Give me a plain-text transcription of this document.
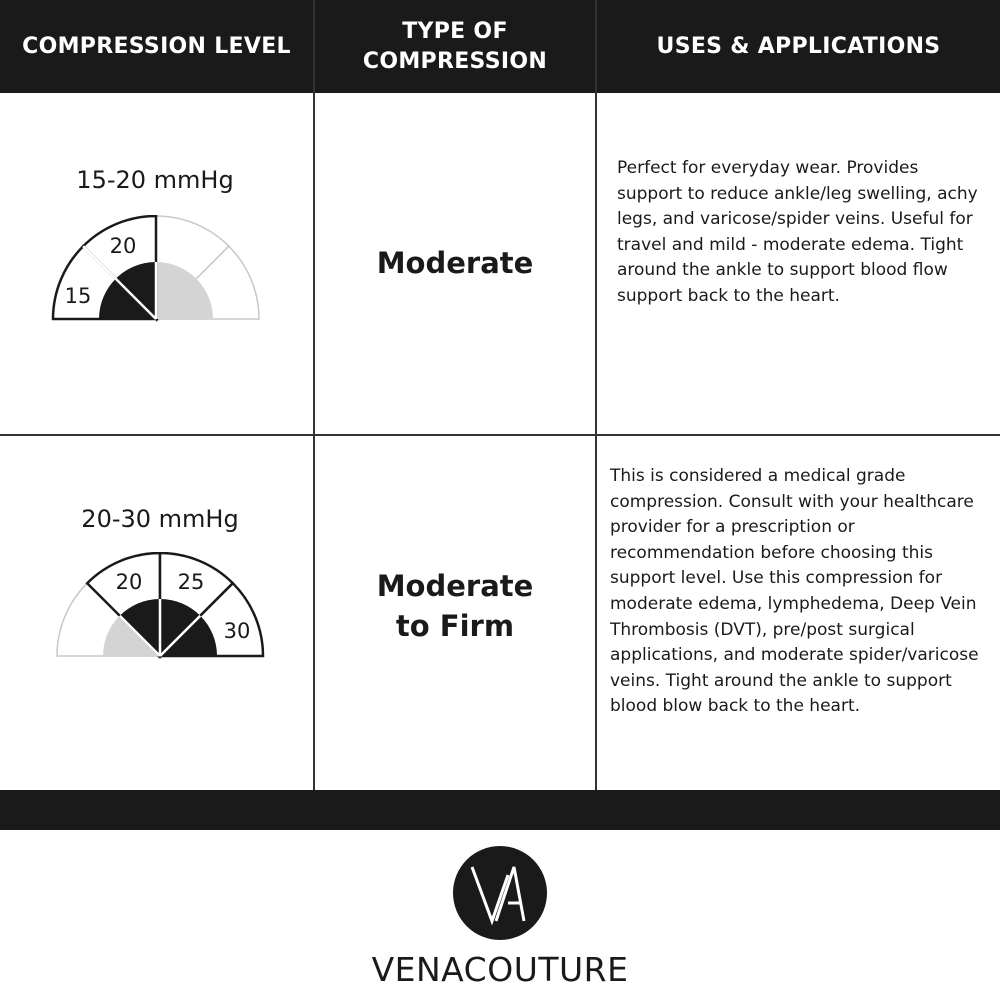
COMPRESSION LEVEL
TYPE OF
COMPRESSION
USES & APPLICATIONS
15-20 mmHg
20
15
Moderate
Perfect for everyday wear. Provides support to reduce ankle/leg swelling, achy legs, and varicose/spider veins. Useful for travel and mild - moderate edema. Tight around the ankle to support blood flow support back to the heart.
20-30 mmHg
20 25
30
Moderate
to Firm
This is considered a medical grade compression. Consult with your healthcare provider for a prescription or recommendation before choosing this support level. Use this compression for moderate edema, lymphedema, Deep Vein Thrombosis (DVT), pre/post surgical applications, and moderate spider/varicose veins. Tight around the ankle to support blood blow back to the heart.
VENACOUTURE
